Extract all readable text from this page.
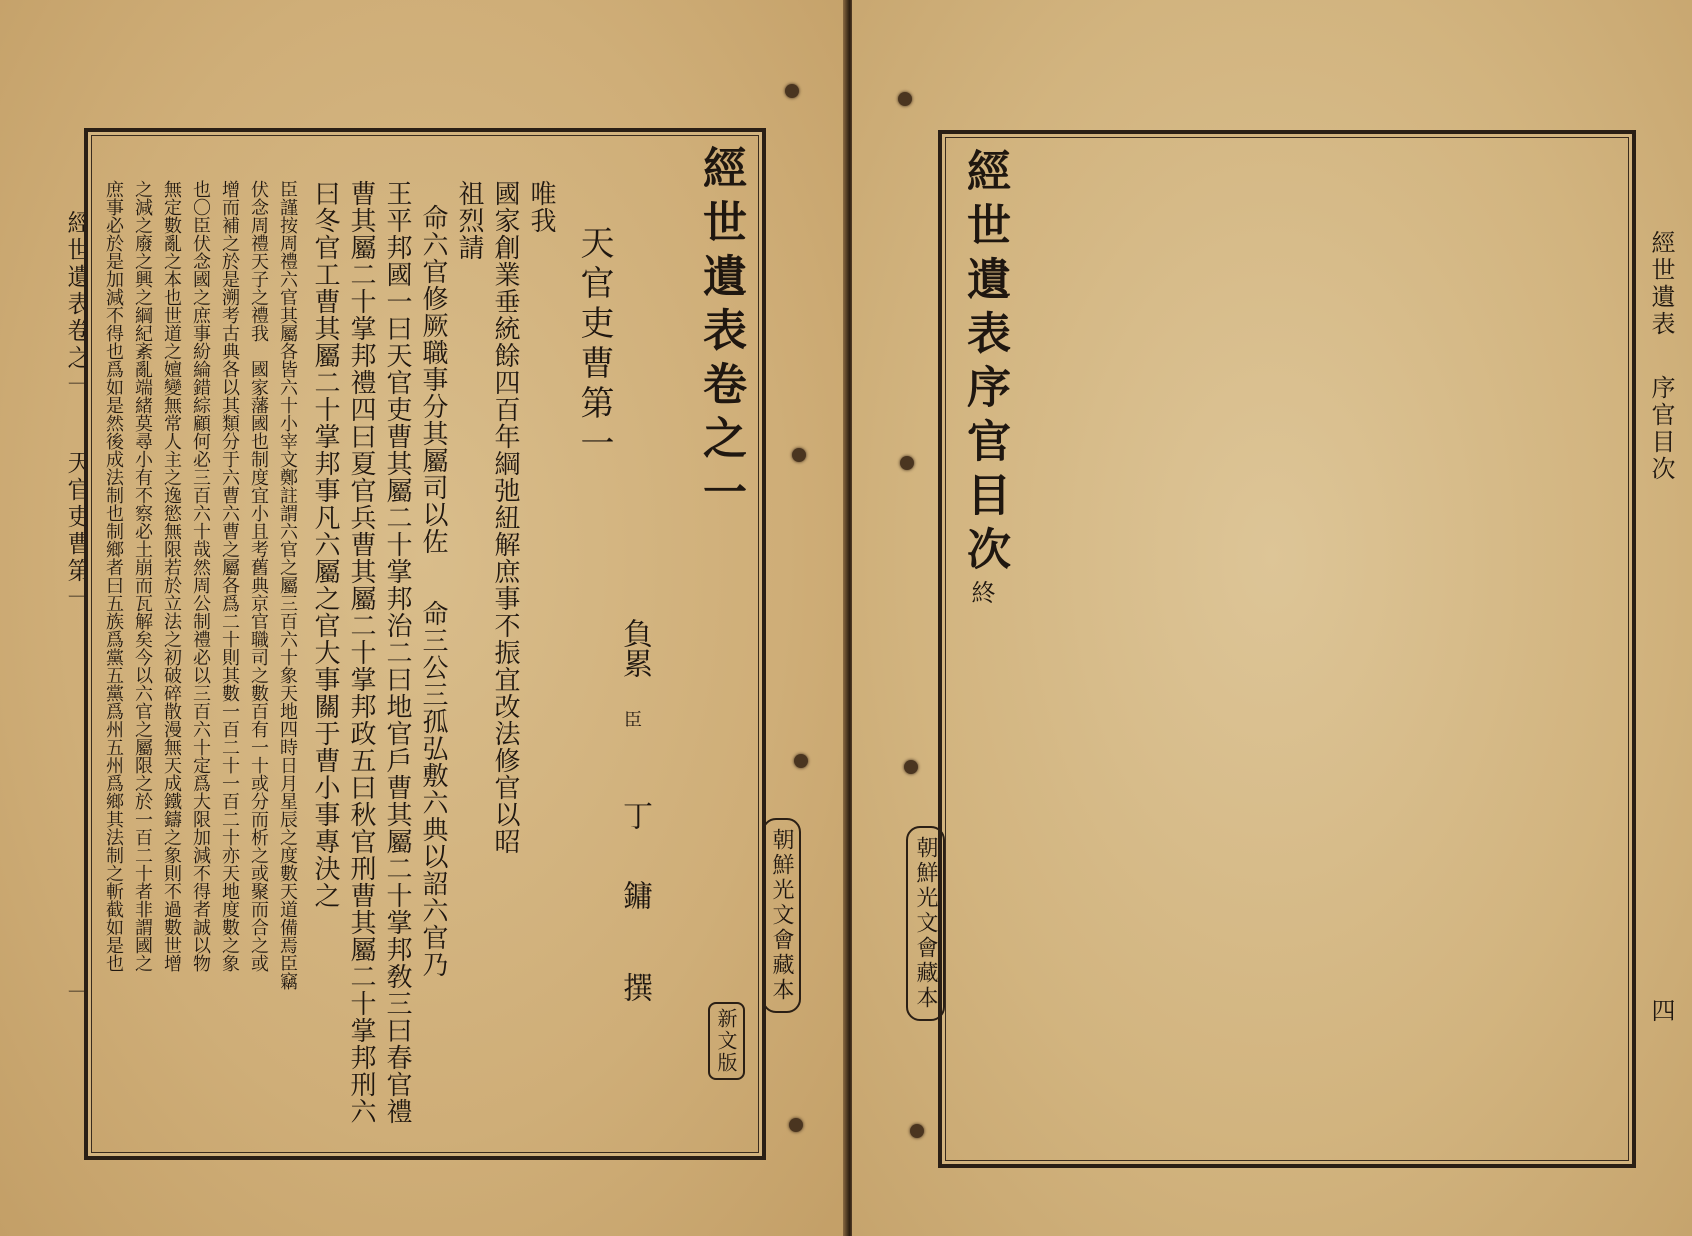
經世遺表卷之一
天官吏曹第一
一
庶事必於是加減不得也爲如是然後成法制也制鄉者曰五族爲黨五黨爲州五州爲鄉其法制之斬截如是也 之減之廢之興之綱紀紊亂端緒莫尋小有不察必土崩而瓦解矣今以六官之屬限之於一百二十者非謂國之 無定數亂之本也世道之嬗變無常人主之逸慾無限若於立法之初破碎散漫無天成鐵鑄之象則不過數世增 也〇臣伏念國之庶事紛綸錯綜顧何必三百六十哉然周公制禮必以三百六十定爲大限加減不得者誠以物 增而補之於是溯考古典各以其類分于六曹六曹之屬各爲二十則其數一百二十一百二十亦天地度數之象 伏念周禮天子之禮我　國家藩國也制度宜小且考舊典京官職司之數百有一十或分而析之或聚而合之或 臣謹按周禮六官其屬各皆六十小宰文鄭註謂六官之屬三百六十象天地四時日月星辰之度數天道備焉臣竊 曰冬官工曹其屬二十掌邦事凡六屬之官大事關于曹小事專決之 曹其屬二十掌邦禮四曰夏官兵曹其屬二十掌邦政五曰秋官刑曹其屬二十掌邦刑六 王平邦國一曰天官吏曹其屬二十掌邦治二曰地官戶曹其屬二十掌邦敎三曰春官禮 命六官修厥職事分其屬司以佐
命三公三孤弘敷六典以詔六官乃
祖烈請 國家創業垂統餘四百年綱弛紐解庶事不振宜改法修官以昭 唯我
天官吏曹第一
負累
臣
丁
鏞
撰
經世遺表卷之一
朝鮮光文會藏本
新文版
經世遺表序官目次
終
朝鮮光文會藏本
經世遺表
序官目次
四
